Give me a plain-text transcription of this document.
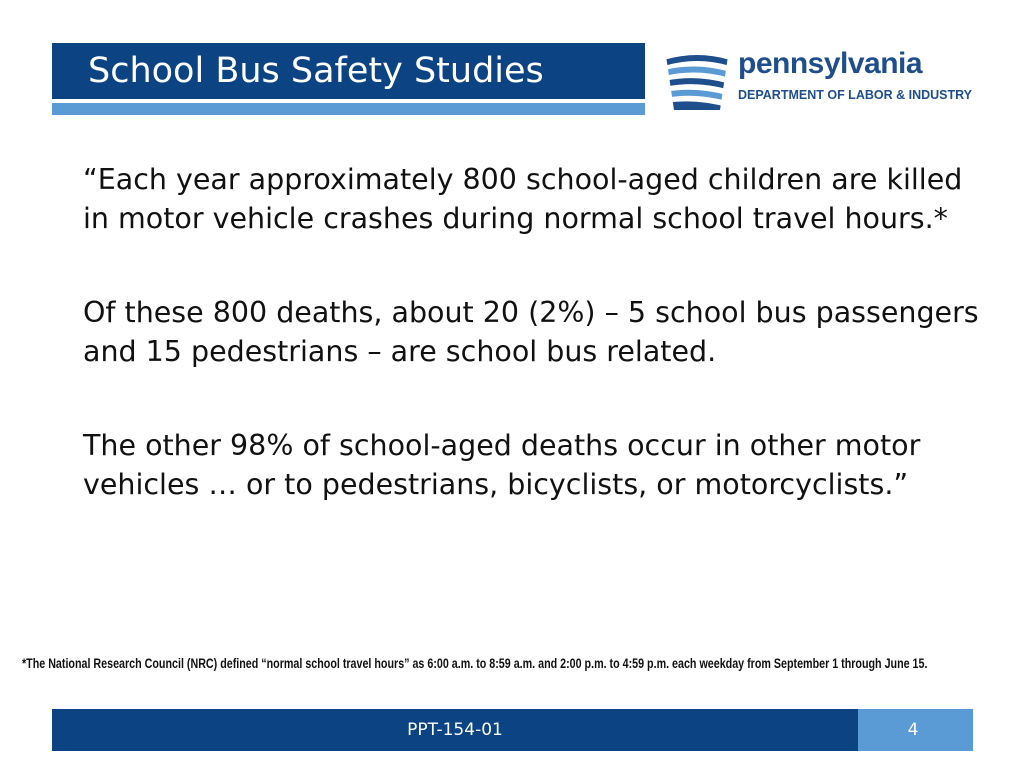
School Bus Safety Studies	pennsylvania
DEPARTMENT OF LABOR & INDUSTRY

“Each year approximately 800 school-aged children are killed in motor vehicle crashes during normal school travel hours.*

Of these 800 deaths, about 20 (2%) – 5 school bus passengers and 15 pedestrians – are school bus related.

The other 98% of school-aged deaths occur in other motor vehicles … or to pedestrians, bicyclists, or motorcyclists.”

*The National Research Council (NRC) defined “normal school travel hours” as 6:00 a.m. to 8:59 a.m. and 2:00 p.m. to 4:59 p.m. each weekday from September 1 through June 15.
PPT-154-01	4
